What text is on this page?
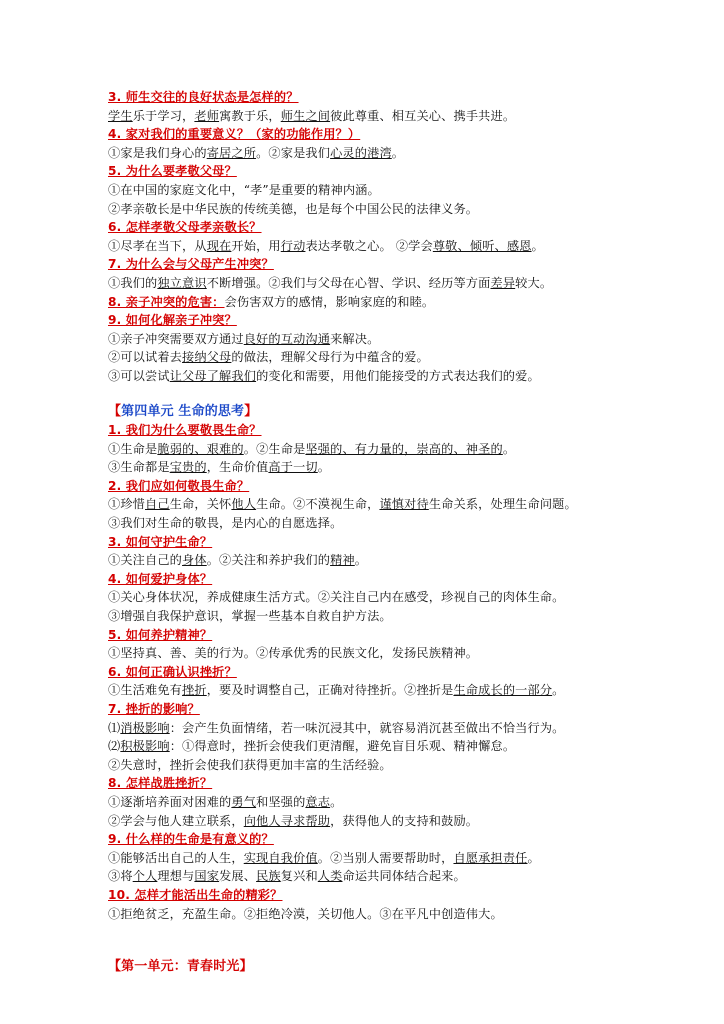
3. 师生交往的良好状态是怎样的？
学生乐于学习，老师寓教于乐，师生之间彼此尊重、相互关心、携手共进。
4. 家对我们的重要意义？（家的功能作用？）
①家是我们身心的寄居之所。②家是我们心灵的港湾。
5. 为什么要孝敬父母？
①在中国的家庭文化中，“孝”是重要的精神内涵。
②孝亲敬长是中华民族的传统美德，也是每个中国公民的法律义务。
6. 怎样孝敬父母孝亲敬长？
①尽孝在当下，从现在开始，用行动表达孝敬之心。 ②学会尊敬、倾听、感恩。
7. 为什么会与父母产生冲突？
①我们的独立意识不断增强。②我们与父母在心智、学识、经历等方面差异较大。
8. 亲子冲突的危害：会伤害双方的感情，影响家庭的和睦。
9. 如何化解亲子冲突？
①亲子冲突需要双方通过良好的互动沟通来解决。
②可以试着去接纳父母的做法，理解父母行为中蕴含的爱。
③可以尝试让父母了解我们的变化和需要，用他们能接受的方式表达我们的爱。
【第四单元 生命的思考】
1. 我们为什么要敬畏生命？
①生命是脆弱的、艰难的。②生命是坚强的、有力量的，崇高的、神圣的。
③生命都是宝贵的，生命价值高于一切。
2. 我们应如何敬畏生命？
①珍惜自己生命，关怀他人生命。②不漠视生命，谨慎对待生命关系，处理生命问题。
③我们对生命的敬畏，是内心的自愿选择。
3. 如何守护生命？
①关注自己的身体。②关注和养护我们的精神。
4. 如何爱护身体？
①关心身体状况，养成健康生活方式。②关注自己内在感受，珍视自己的肉体生命。
③增强自我保护意识，掌握一些基本自救自护方法。
5. 如何养护精神？
①坚持真、善、美的行为。②传承优秀的民族文化，发扬民族精神。
6. 如何正确认识挫折？
①生活难免有挫折，要及时调整自己，正确对待挫折。②挫折是生命成长的一部分。
7. 挫折的影响？
⑴消极影响：会产生负面情绪，若一味沉浸其中，就容易消沉甚至做出不恰当行为。
⑵积极影响：①得意时，挫折会使我们更清醒，避免盲目乐观、精神懈怠。
②失意时，挫折会使我们获得更加丰富的生活经验。
8. 怎样战胜挫折？
①逐渐培养面对困难的勇气和坚强的意志。
②学会与他人建立联系，向他人寻求帮助，获得他人的支持和鼓励。
9. 什么样的生命是有意义的？
①能够活出自己的人生，实现自我价值。②当别人需要帮助时，自愿承担责任。
③将个人理想与国家发展、民族复兴和人类命运共同体结合起来。
10. 怎样才能活出生命的精彩？
①拒绝贫乏，充盈生命。②拒绝冷漠，关切他人。③在平凡中创造伟大。
【第一单元：青春时光】
